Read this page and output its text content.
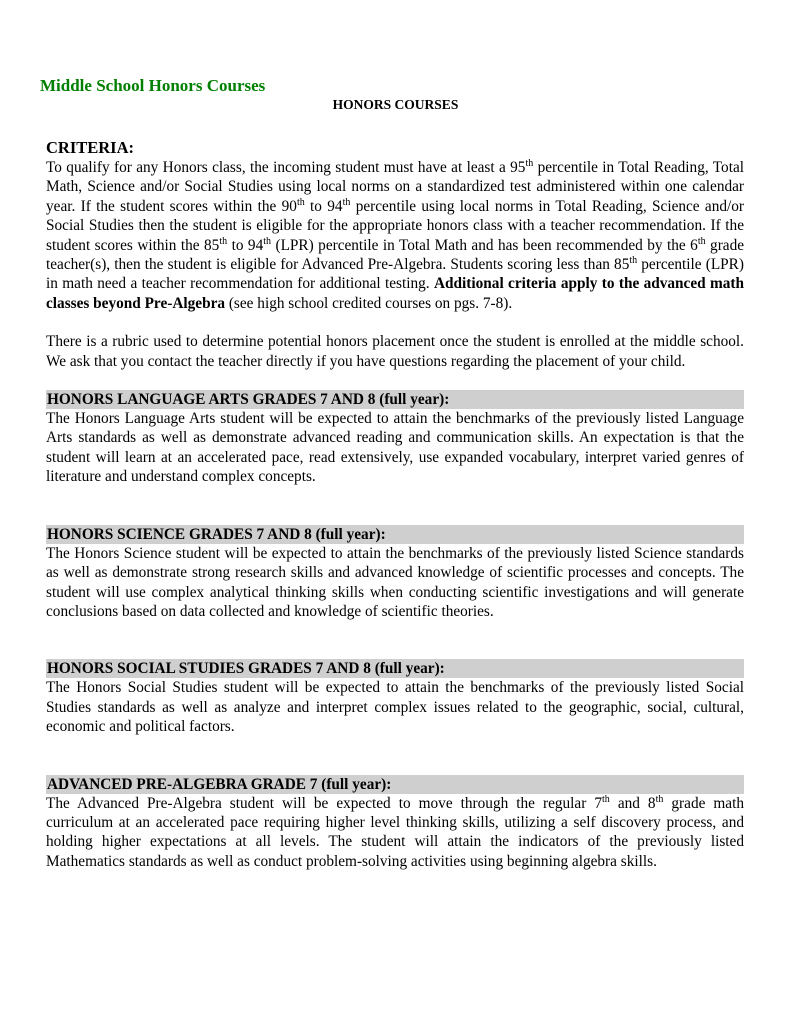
Middle School Honors Courses
HONORS COURSES
CRITERIA:

To qualify for any Honors class, the incoming student must have at least a 95th percentile in Total Reading, Total Math, Science and/or Social Studies using local norms on a standardized test administered within one calendar year. If the student scores within the 90th to 94th percentile using local norms in Total Reading, Science and/or Social Studies then the student is eligible for the appropriate honors class with a teacher recommendation. If the student scores within the 85th to 94th (LPR) percentile in Total Math and has been recommended by the 6th grade teacher(s), then the student is eligible for Advanced Pre-Algebra. Students scoring less than 85th percentile (LPR) in math need a teacher recommendation for additional testing. Additional criteria apply to the advanced math classes beyond Pre-Algebra (see high school credited courses on pgs. 7-8).

There is a rubric used to determine potential honors placement once the student is enrolled at the middle school. We ask that you contact the teacher directly if you have questions regarding the placement of your child.

HONORS LANGUAGE ARTS GRADES 7 AND 8 (full year):

The Honors Language Arts student will be expected to attain the benchmarks of the previously listed Language Arts standards as well as demonstrate advanced reading and communication skills. An expectation is that the student will learn at an accelerated pace, read extensively, use expanded vocabulary, interpret varied genres of literature and understand complex concepts.

HONORS SCIENCE GRADES 7 AND 8 (full year):

The Honors Science student will be expected to attain the benchmarks of the previously listed Science standards as well as demonstrate strong research skills and advanced knowledge of scientific processes and concepts. The student will use complex analytical thinking skills when conducting scientific investigations and will generate conclusions based on data collected and knowledge of scientific theories.

HONORS SOCIAL STUDIES GRADES 7 AND 8 (full year):

The Honors Social Studies student will be expected to attain the benchmarks of the previously listed Social Studies standards as well as analyze and interpret complex issues related to the geographic, social, cultural, economic and political factors.

ADVANCED PRE-ALGEBRA GRADE 7 (full year):

The Advanced Pre-Algebra student will be expected to move through the regular 7th and 8th grade math curriculum at an accelerated pace requiring higher level thinking skills, utilizing a self discovery process, and holding higher expectations at all levels. The student will attain the indicators of the previously listed Mathematics standards as well as conduct problem-solving activities using beginning algebra skills.
